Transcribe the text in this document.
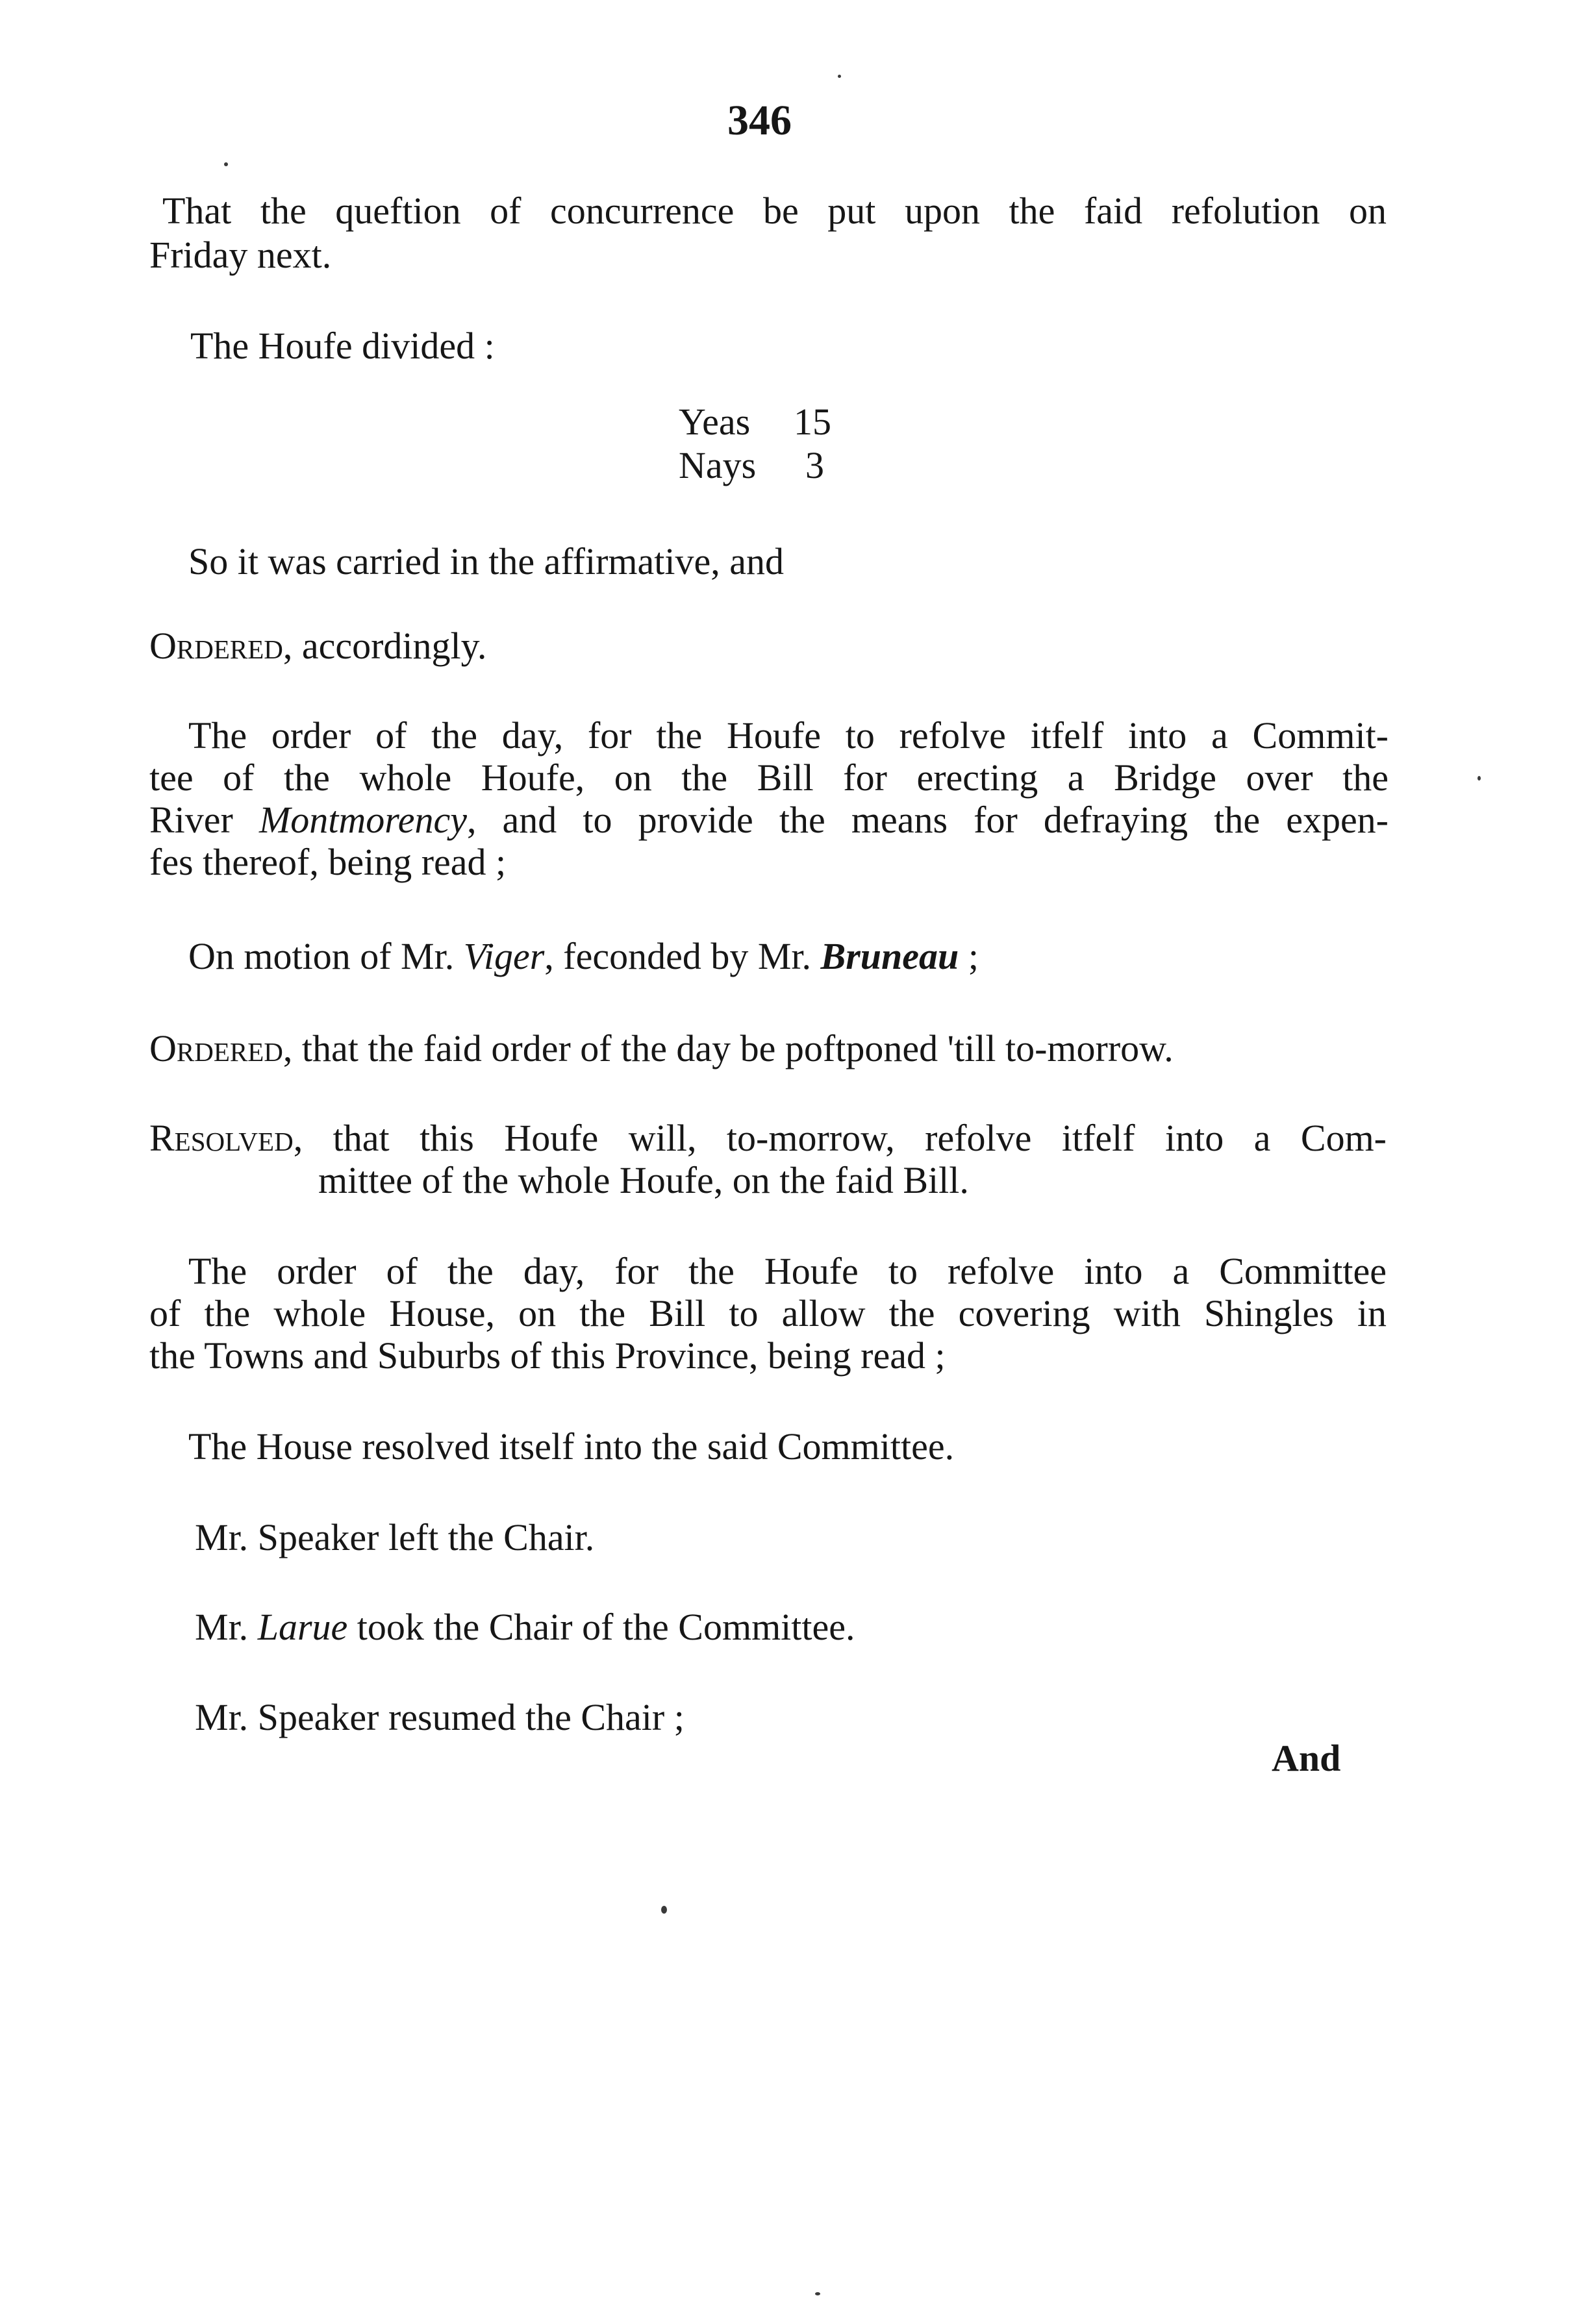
346
That the queftion of concurrence be put upon the faid refolution on
Friday next.
The Houfe divided :
Yeas 15
Nays 3
So it was carried in the affirmative, and
Ordered, accordingly.
The order of the day, for the Houfe to refolve itfelf into a Commit-
tee of the whole Houfe, on the Bill for erecting a Bridge over the
River Montmorency, and to provide the means for defraying the expen-
fes thereof, being read ;
On motion of Mr. Viger, feconded by Mr. Bruneau ;
Ordered, that the faid order of the day be poftponed 'till to-morrow.
Resolved, that this Houfe will, to-morrow, refolve itfelf into a Com-
mittee of the whole Houfe, on the faid Bill.
The order of the day, for the Houfe to refolve into a Committee
of the whole House, on the Bill to allow the covering with Shingles in
the Towns and Suburbs of this Province, being read ;
The House resolved itself into the said Committee.
Mr. Speaker left the Chair.
Mr. Larue took the Chair of the Committee.
Mr. Speaker resumed the Chair ;
And
